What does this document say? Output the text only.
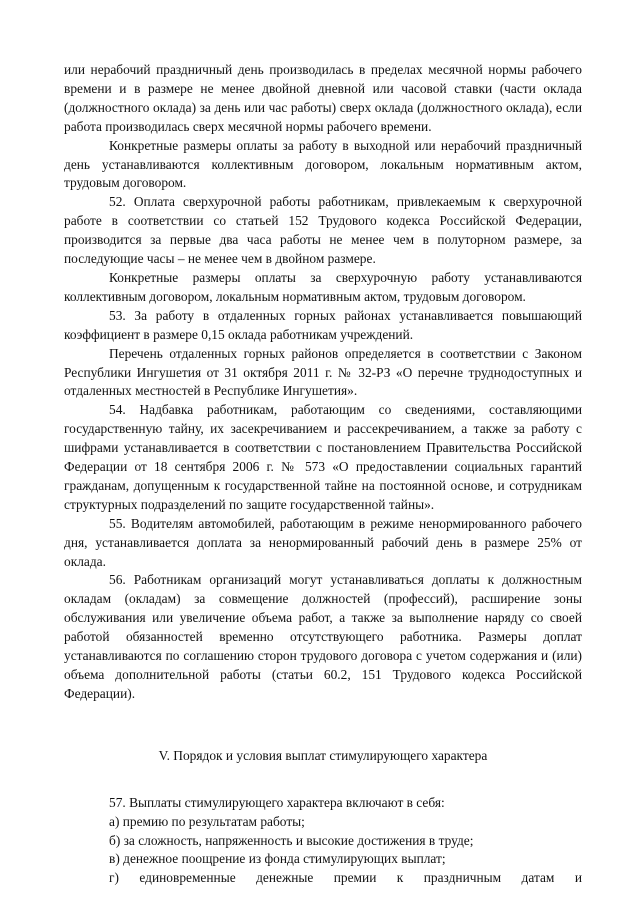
или нерабочий праздничный день производилась в пределах месячной нормы рабочего времени и в размере не менее двойной дневной или часовой ставки (части оклада (должностного оклада) за день или час работы) сверх оклада (должностного оклада), если работа производилась сверх месячной нормы рабочего времени.

Конкретные размеры оплаты за работу в выходной или нерабочий праздничный день устанавливаются коллективным договором, локальным нормативным актом, трудовым договором.

52. Оплата сверхурочной работы работникам, привлекаемым к сверхурочной работе в соответствии со статьей 152 Трудового кодекса Российской Федерации, производится за первые два часа работы не менее чем в полуторном размере, за последующие часы – не менее чем в двойном размере.

Конкретные размеры оплаты за сверхурочную работу устанавливаются коллективным договором, локальным нормативным актом, трудовым договором.

53. За работу в отдаленных горных районах устанавливается повышающий коэффициент в размере 0,15 оклада работникам учреждений.

Перечень отдаленных горных районов определяется в соответствии с Законом Республики Ингушетия от 31 октября 2011 г. № 32-РЗ «О перечне труднодоступных и отдаленных местностей в Республике Ингушетия».

54. Надбавка работникам, работающим со сведениями, составляющими государственную тайну, их засекречиванием и рассекречиванием, а также за работу с шифрами устанавливается в соответствии с постановлением Правительства Российской Федерации от 18 сентября 2006 г. № 573 «О предоставлении социальных гарантий гражданам, допущенным к государственной тайне на постоянной основе, и сотрудникам структурных подразделений по защите государственной тайны».

55. Водителям автомобилей, работающим в режиме ненормированного рабочего дня, устанавливается доплата за ненормированный рабочий день в размере 25% от оклада.

56. Работникам организаций могут устанавливаться доплаты к должностным окладам (окладам) за совмещение должностей (профессий), расширение зоны обслуживания или увеличение объема работ, а также за выполнение наряду со своей работой обязанностей временно отсутствующего работника. Размеры доплат устанавливаются по соглашению сторон трудового договора с учетом содержания и (или) объема дополнительной работы (статьи 60.2, 151 Трудового кодекса Российской Федерации).

V. Порядок и условия выплат стимулирующего характера

57. Выплаты стимулирующего характера включают в себя:

а) премию по результатам работы;

б) за сложность, напряженность и высокие достижения в труде;

в) денежное поощрение из фонда стимулирующих выплат;

г) единовременные денежные премии к праздничным датам и
